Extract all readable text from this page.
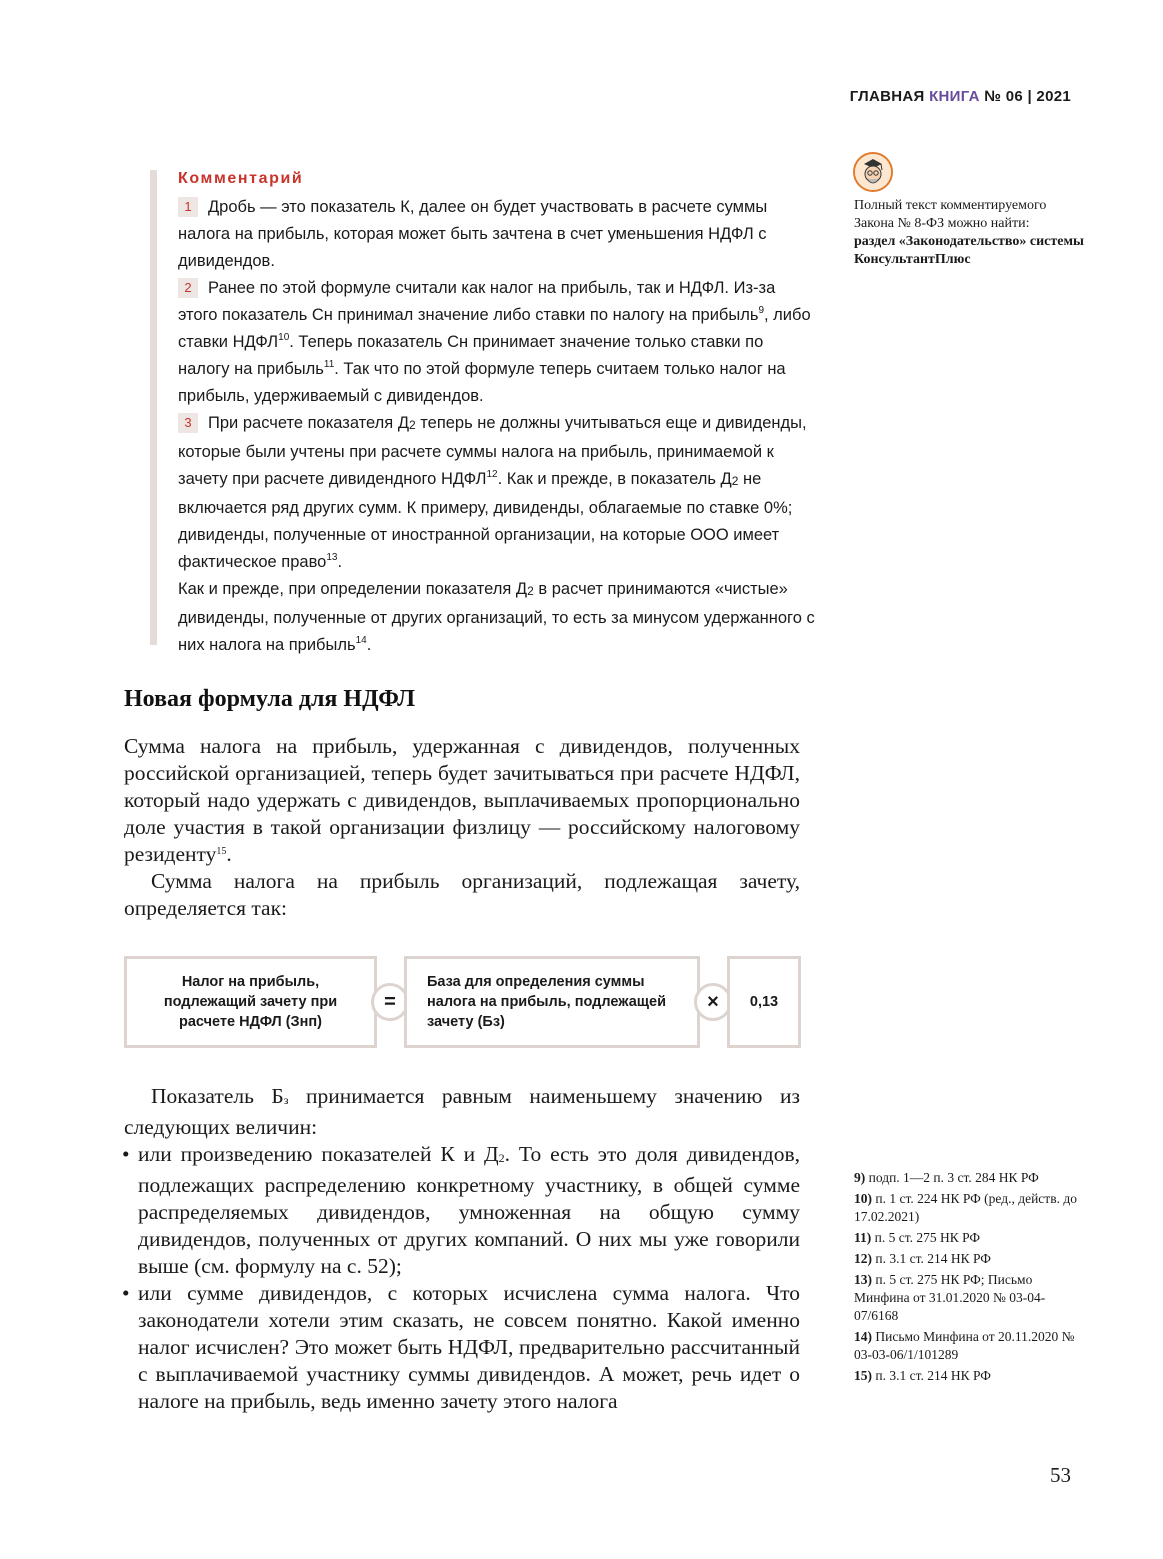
ГЛАВНАЯ КНИГА № 06 | 2021
Комментарий

1 Дробь — это показатель К, далее он будет участвовать в расчете суммы налога на прибыль, которая может быть зачтена в счет уменьшения НДФЛ с дивидендов.

2 Ранее по этой формуле считали как налог на прибыль, так и НДФЛ. Из-за этого показатель Сн принимал значение либо ставки по налогу на прибыль$^9$, либо ставки НДФЛ$^{10}$. Теперь показатель Сн принимает значение только ставки по налогу на прибыль$^{11}$. Так что по этой формуле теперь считаем только налог на прибыль, удерживаемый с дивидендов.

3 При расчете показателя $Д_2$ теперь не должны учитываться еще и дивиденды, которые были учтены при расчете суммы налога на прибыль, принимаемой к зачету при расчете дивидендного НДФЛ$^{12}$. Как и прежде, в показатель $Д_2$ не включается ряд других сумм. К примеру, дивиденды, облагаемые по ставке 0%; дивиденды, полученные от иностранной организации, на которые ООО имеет фактическое право$^{13}$.

Как и прежде, при определении показателя $Д_2$ в расчет принимаются «чистые» дивиденды, полученные от других организаций, то есть за минусом удержанного с них налога на прибыль$^{14}$.

Полный текст комментируемого Закона № 8-ФЗ можно найти:
раздел «Законодательство» системы КонсультантПлюс
Новая формула для НДФЛ

Сумма налога на прибыль, удержанная с дивидендов, полученных российской организацией, теперь будет зачитываться при расчете НДФЛ, который надо удержать с дивидендов, выплачиваемых пропорционально доле участия в такой организации физлицу — российскому налоговому резиденту$^{15}$.

Сумма налога на прибыль организаций, подлежащая зачету, определяется так:

Налог на прибыль, подлежащий зачету при расчете НДФЛ (Знп)
=
База для определения суммы налога на прибыль, подлежащей зачету (Бз)
×	0,13

Показатель $Б_з$ принимается равным наименьшему значению из следующих величин:

• или произведению показателей К и $Д_2$. То есть это доля дивидендов, подлежащих распределению конкретному участнику, в общей сумме распределяемых дивидендов, умноженная на общую сумму дивидендов, полученных от других компаний. О них мы уже говорили выше (см. формулу на с. 52);
• или сумме дивидендов, с которых исчислена сумма налога. Что законодатели хотели этим сказать, не совсем понятно. Какой именно налог исчислен? Это может быть НДФЛ, предварительно рассчитанный с выплачиваемой участнику суммы дивидендов. А может, речь идет о налоге на прибыль, ведь именно зачету этого налога
9) подп. 1—2 п. 3 ст. 284 НК РФ
10) п. 1 ст. 224 НК РФ (ред., действ. до 17.02.2021)
11) п. 5 ст. 275 НК РФ
12) п. 3.1 ст. 214 НК РФ
13) п. 5 ст. 275 НК РФ; Письмо Минфина от 31.01.2020 № 03-04-07/6168
14) Письмо Минфина от 20.11.2020 № 03-03-06/1/101289
15) п. 3.1 ст. 214 НК РФ
53
